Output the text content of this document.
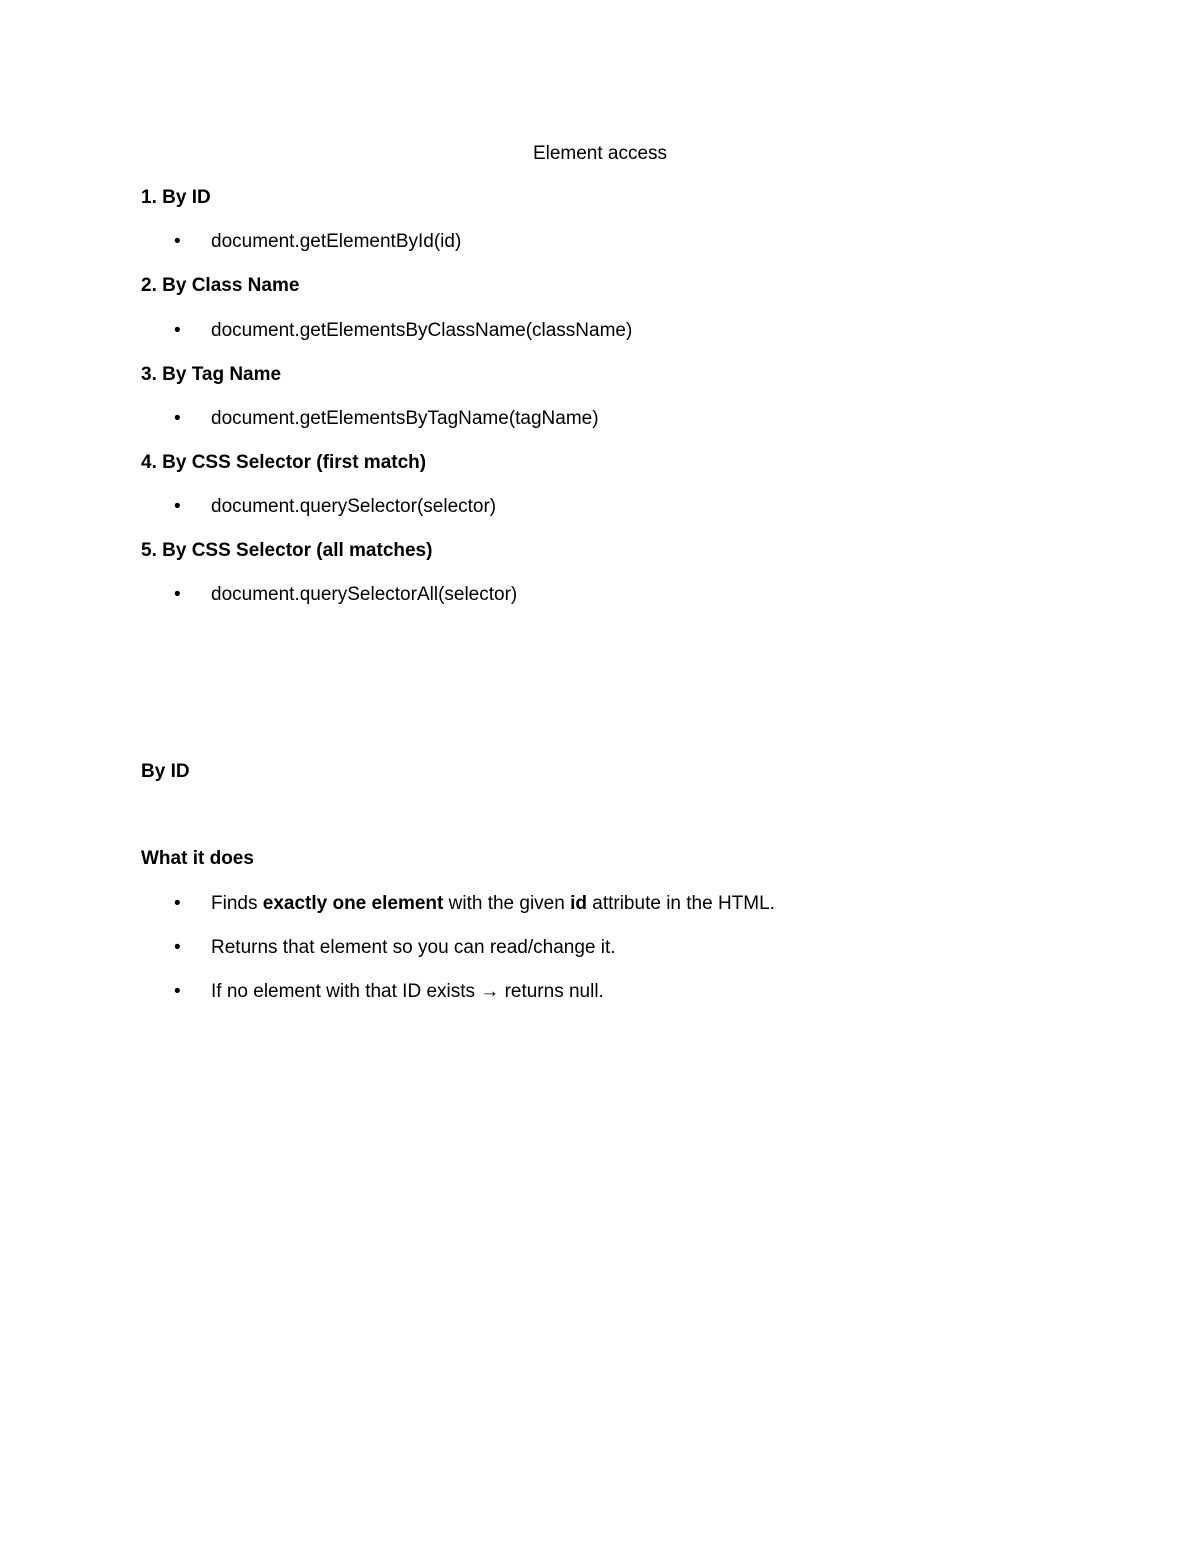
Element access
1. By ID
•	document.getElementById(id)
2. By Class Name
•	document.getElementsByClassName(className)
3. By Tag Name
•	document.getElementsByTagName(tagName)
4. By CSS Selector (first match)
•	document.querySelector(selector)
5. By CSS Selector (all matches)
•	document.querySelectorAll(selector)
By ID
What it does
•	Finds exactly one element with the given id attribute in the HTML.
•	Returns that element so you can read/change it.
•	If no element with that ID exists → returns null.
